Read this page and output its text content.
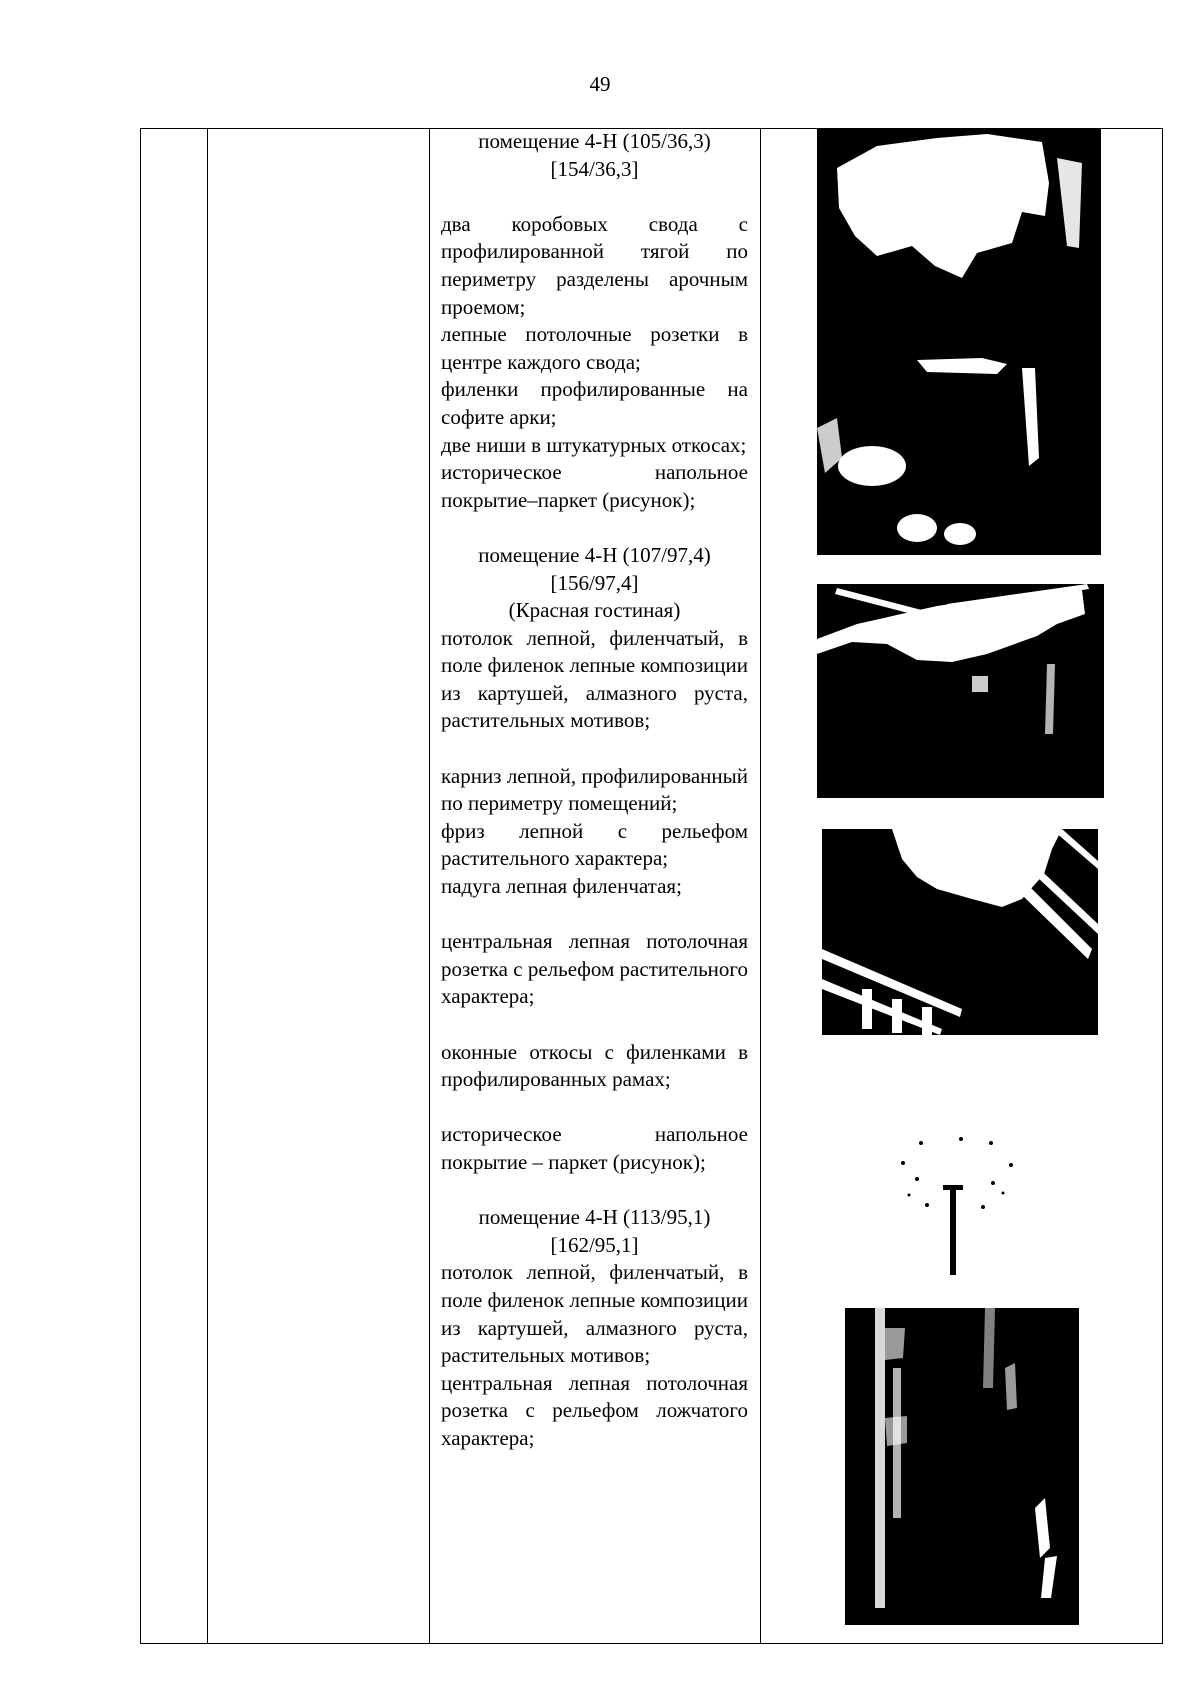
49

помещение 4-Н (105/36,3)

[154/36,3]

два коробовых свода с профилированной тягой по периметру разделены арочным проемом;

лепные потолочные розетки в центре каждого свода;

филенки профилированные на софите арки;

две ниши в штукатурных откосах;

историческое напольное покрытие–паркет (рисунок);

помещение 4-Н (107/97,4)

[156/97,4]

(Красная гостиная)

потолок лепной, филенчатый, в поле филенок лепные композиции из картушей, алмазного руста, растительных мотивов;

карниз лепной, профилированный по периметру помещений;

фриз лепной с рельефом растительного характера;

падуга лепная филенчатая;

центральная лепная потолочная розетка с рельефом растительного характера;

оконные откосы с филенками в профилированных рамах;

историческое напольное покрытие – паркет (рисунок);

помещение 4-Н (113/95,1)

[162/95,1]

потолок лепной, филенчатый, в поле филенок лепные композиции из картушей, алмазного руста, растительных мотивов;

центральная лепная потолочная розетка с рельефом ложчатого характера;
